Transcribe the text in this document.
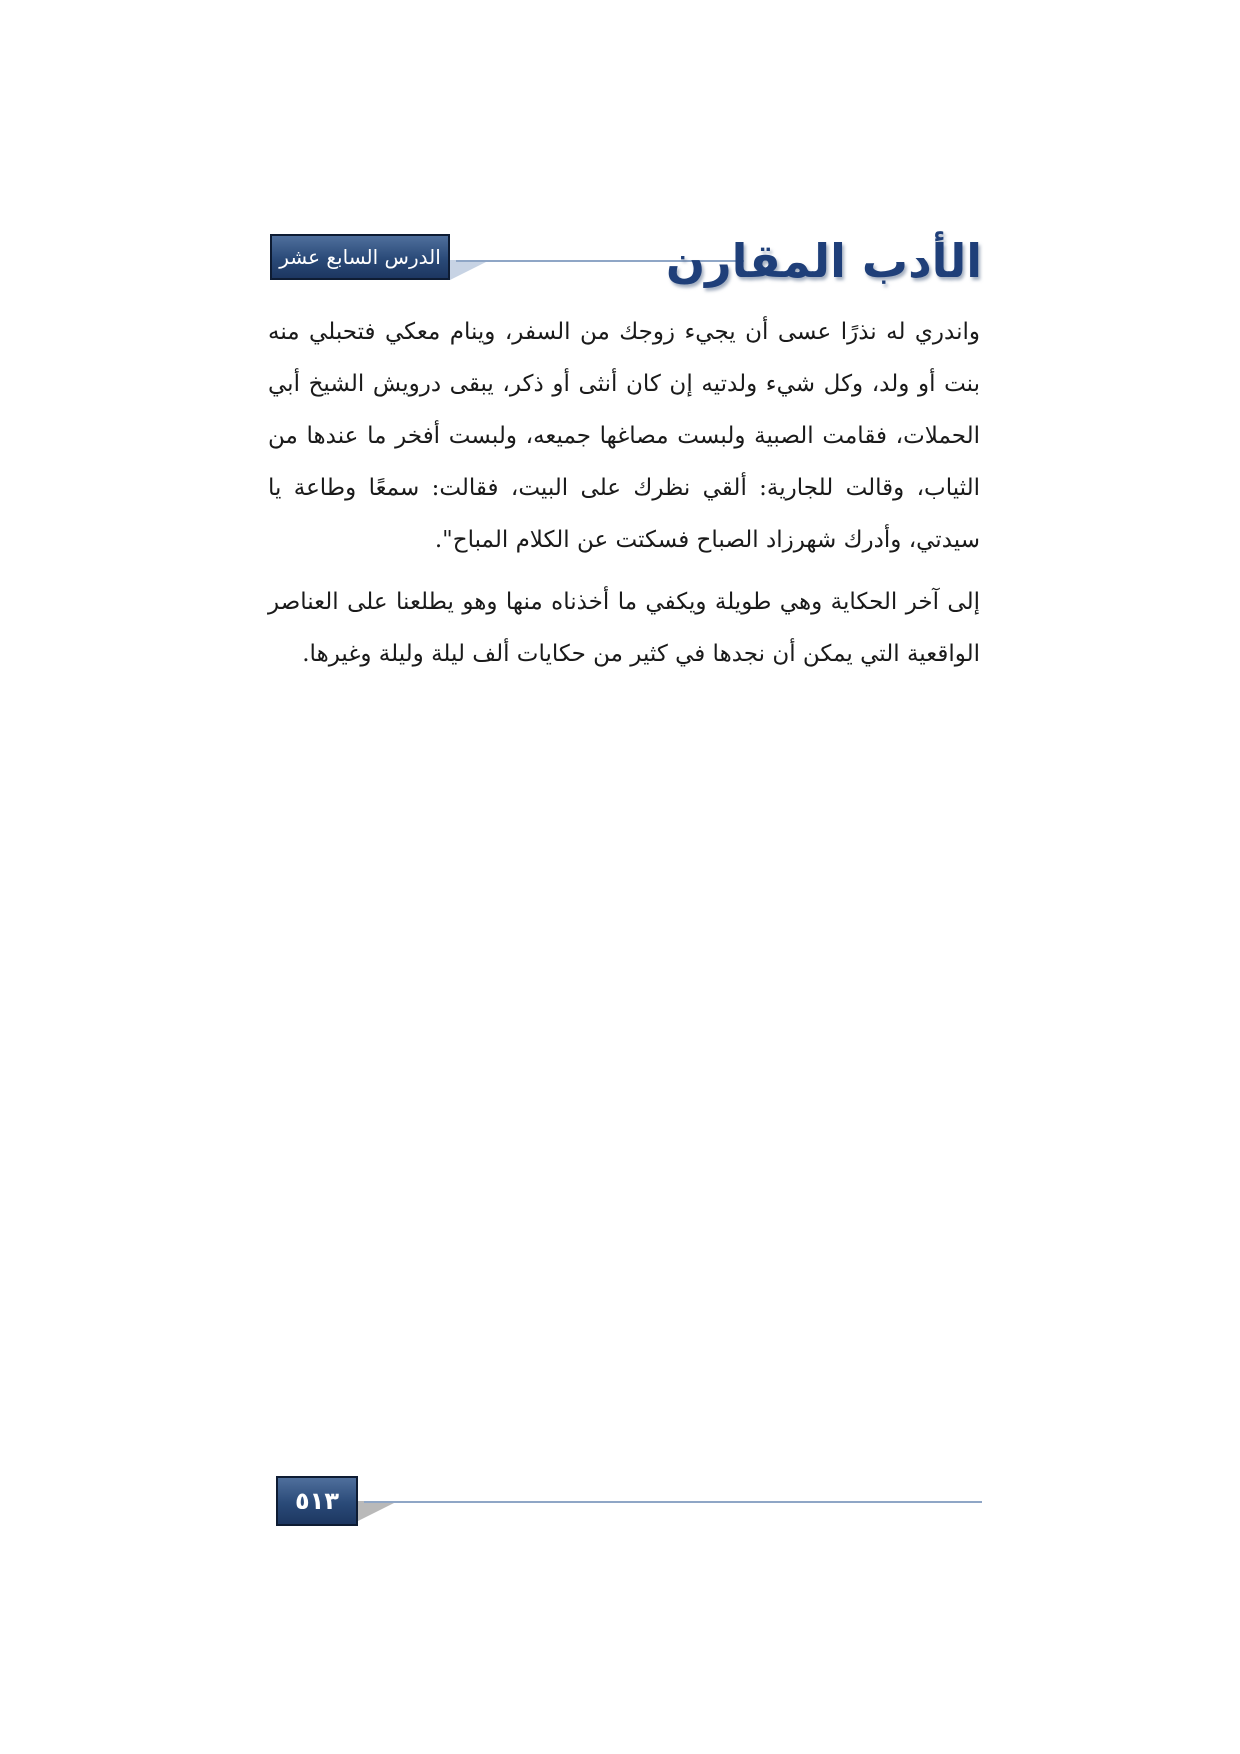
الدرس السابع عشر	الأدب المقارن

واندري له نذرًا عسى أن يجيء زوجك من السفر، وينام معكي فتحبلي منه بنت أو ولد، وكل شيء ولدتيه إن كان أنثى أو ذكر، يبقى درويش الشيخ أبي الحملات، فقامت الصبية ولبست مصاغها جميعه، ولبست أفخر ما عندها من الثياب، وقالت للجارية: ألقي نظرك على البيت، فقالت: سمعًا وطاعة يا سيدتي، وأدرك شهرزاد الصباح فسكتت عن الكلام المباح".

إلى آخر الحكاية وهي طويلة ويكفي ما أخذناه منها وهو يطلعنا على العناصر الواقعية التي يمكن أن نجدها في كثير من حكايات ألف ليلة وليلة وغيرها.

٥١٣
